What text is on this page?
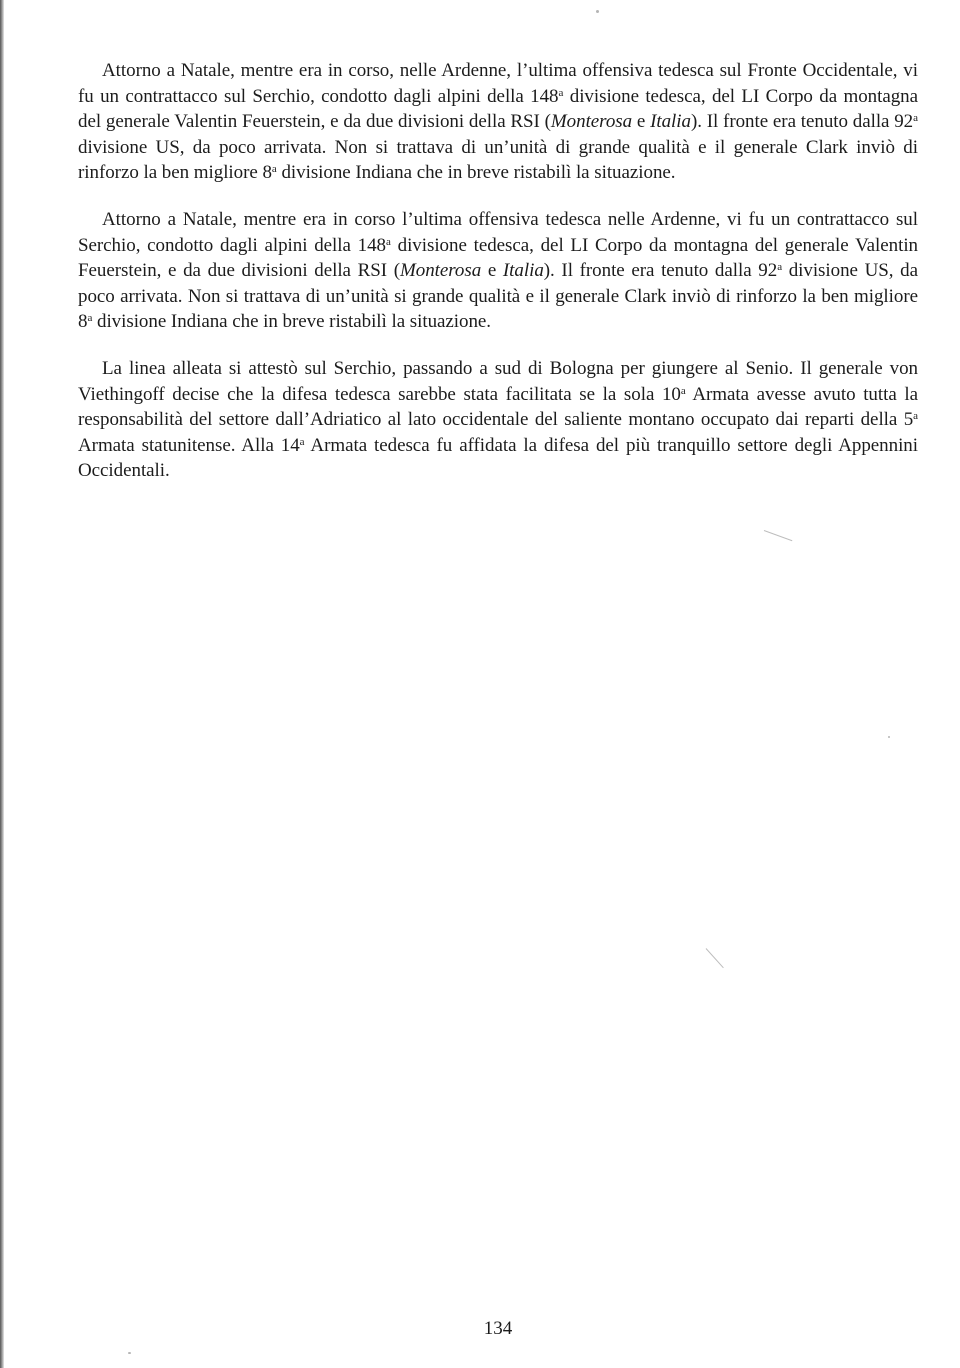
Attorno a Natale, mentre era in corso, nelle Ardenne, l’ultima offensiva tedesca sul Fronte Occidentale, vi fu un contrattacco sul Serchio, condotto dagli alpini della 148$^a$ divisione tedesca, del LI Corpo da montagna del generale Valentin Feuerstein, e da due divisioni della RSI (Monterosa e Italia). Il fronte era tenuto dalla 92$^a$ divisione US, da poco arrivata. Non si trattava di un’unità di grande qualità e il generale Clark inviò di rinforzo la ben migliore 8$^a$ divisione Indiana che in breve ristabilì la situazione.

Attorno a Natale, mentre era in corso l’ultima offensiva tedesca nelle Ardenne, vi fu un contrattacco sul Serchio, condotto dagli alpini della 148$^a$ divisione tedesca, del LI Corpo da montagna del generale Valentin Feuerstein, e da due divisioni della RSI (Monterosa e Italia). Il fronte era tenuto dalla 92$^a$ divisione US, da poco arrivata. Non si trattava di un’unità si grande qualità e il generale Clark inviò di rinforzo la ben migliore 8$^a$ divisione Indiana che in breve ristabilì la situazione.

La linea alleata si attestò sul Serchio, passando a sud di Bologna per giungere al Senio. Il generale von Viethingoff decise che la difesa tedesca sarebbe stata facilitata se la sola 10$^a$ Armata avesse avuto tutta la responsabilità del settore dall’Adriatico al lato occidentale del saliente montano occupato dai reparti della 5$^a$ Armata statunitense. Alla 14$^a$ Armata tedesca fu affidata la difesa del più tranquillo settore degli Appennini Occidentali.

134
